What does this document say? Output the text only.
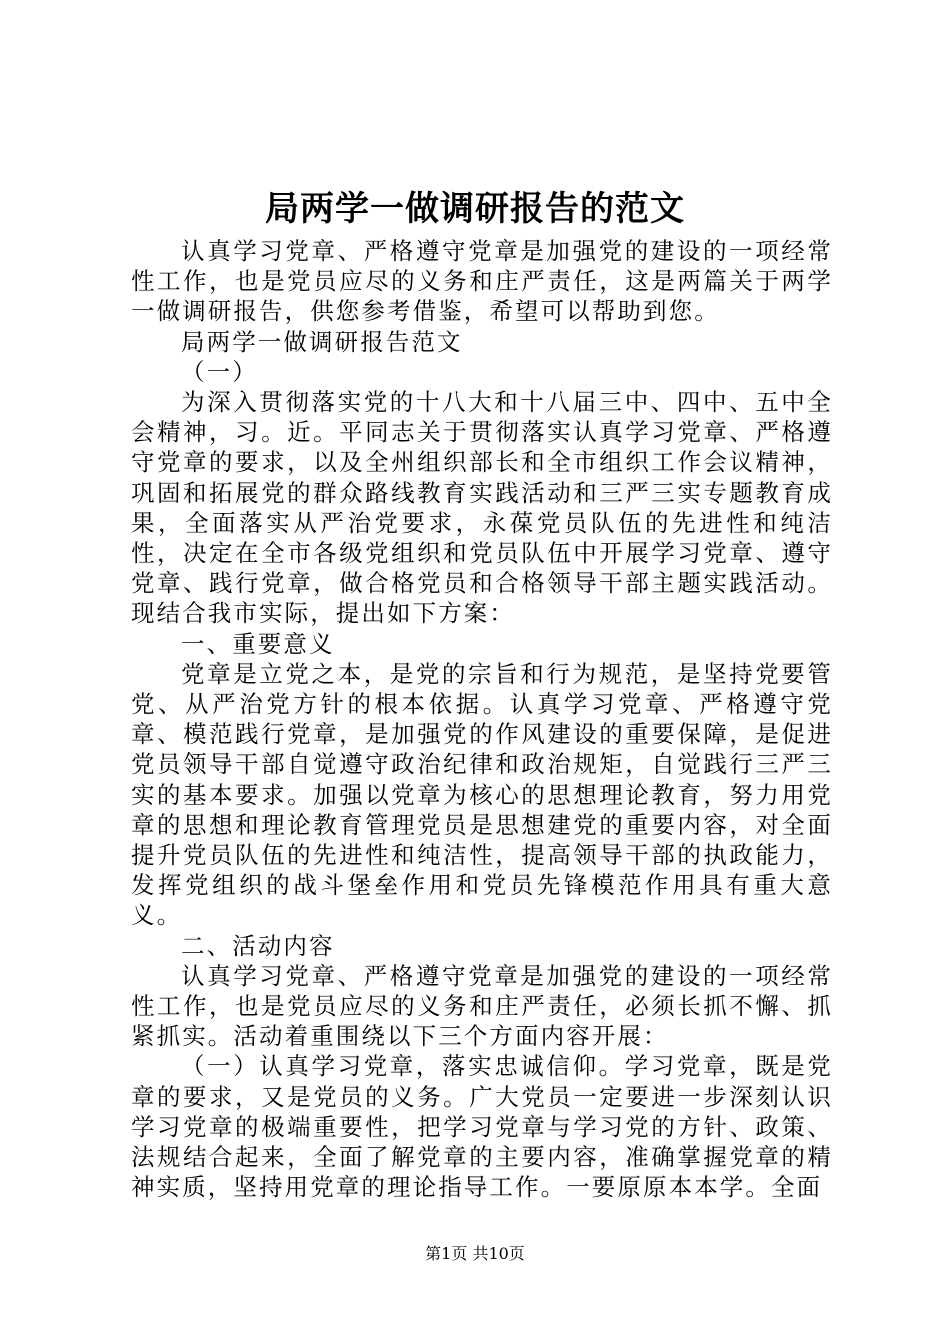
局两学一做调研报告的范文

认真学习党章、严格遵守党章是加强党的建设的一项经常性工作，也是党员应尽的义务和庄严责任，这是两篇关于两学一做调研报告，供您参考借鉴，希望可以帮助到您。

局两学一做调研报告范文

（一）

为深入贯彻落实党的十八大和十八届三中、四中、五中全会精神，习。近。平同志关于贯彻落实认真学习党章、严格遵守党章的要求，以及全州组织部长和全市组织工作会议精神，巩固和拓展党的群众路线教育实践活动和三严三实专题教育成果，全面落实从严治党要求，永葆党员队伍的先进性和纯洁性，决定在全市各级党组织和党员队伍中开展学习党章、遵守党章、践行党章，做合格党员和合格领导干部主题实践活动。现结合我市实际，提出如下方案：

一、重要意义

党章是立党之本，是党的宗旨和行为规范，是坚持党要管党、从严治党方针的根本依据。认真学习党章、严格遵守党章、模范践行党章，是加强党的作风建设的重要保障，是促进党员领导干部自觉遵守政治纪律和政治规矩，自觉践行三严三实的基本要求。加强以党章为核心的思想理论教育，努力用党章的思想和理论教育管理党员是思想建党的重要内容，对全面提升党员队伍的先进性和纯洁性，提高领导干部的执政能力，发挥党组织的战斗堡垒作用和党员先锋模范作用具有重大意义。

二、活动内容

认真学习党章、严格遵守党章是加强党的建设的一项经常性工作，也是党员应尽的义务和庄严责任，必须长抓不懈、抓紧抓实。活动着重围绕以下三个方面内容开展：

（一）认真学习党章，落实忠诚信仰。学习党章，既是党章的要求，又是党员的义务。广大党员一定要进一步深刻认识学习党章的极端重要性，把学习党章与学习党的方针、政策、法规结合起来，全面了解党章的主要内容，准确掌握党章的精神实质，坚持用党章的理论指导工作。一要原原本本学。全面

第1页 共10页
